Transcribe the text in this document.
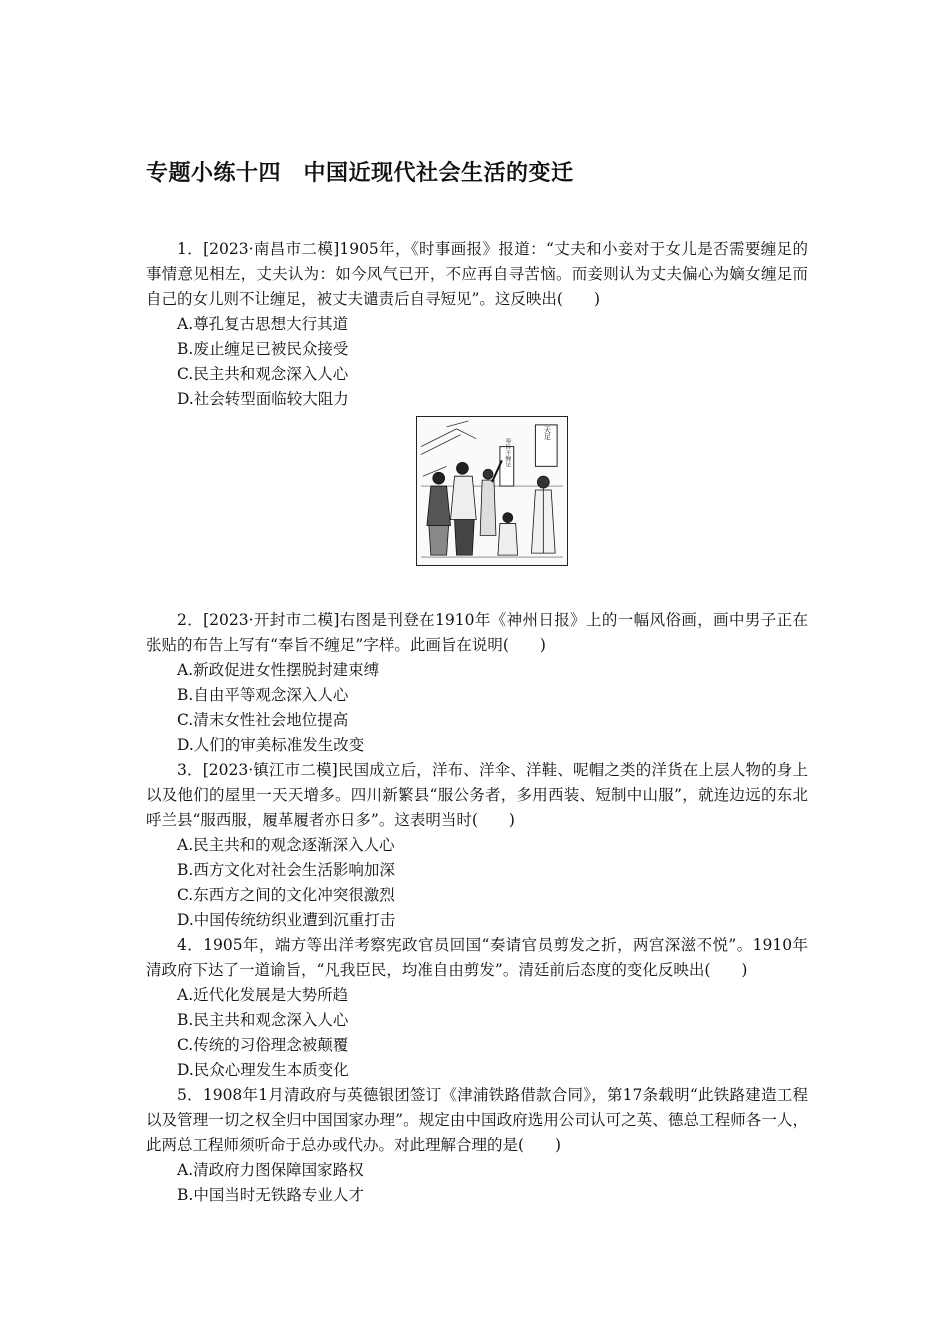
专题小练十四　中国近现代社会生活的变迁

1．[2023·南昌市二模]1905年，《时事画报》报道：“丈夫和小妾对于女儿是否需要缠足的事情意见相左，丈夫认为：如今风气已开，不应再自寻苦恼。而妾则认为丈夫偏心为嫡女缠足而自己的女儿则不让缠足，被丈夫谴责后自寻短见”。这反映出(　　)

A.尊孔复古思想大行其道

B.废止缠足已被民众接受

C.民主共和观念深入人心

D.社会转型面临较大阻力

奉旨不缠足
天足

2．[2023·开封市二模]右图是刊登在1910年《神州日报》上的一幅风俗画，画中男子正在张贴的布告上写有“奉旨不缠足”字样。此画旨在说明(　　)

A.新政促进女性摆脱封建束缚

B.自由平等观念深入人心

C.清末女性社会地位提高

D.人们的审美标准发生改变

3．[2023·镇江市二模]民国成立后，洋布、洋伞、洋鞋、呢帽之类的洋货在上层人物的身上以及他们的屋里一天天增多。四川新繁县“服公务者，多用西装、短制中山服”，就连边远的东北呼兰县“服西服，履革履者亦日多”。这表明当时(　　)

A.民主共和的观念逐渐深入人心

B.西方文化对社会生活影响加深

C.东西方之间的文化冲突很激烈

D.中国传统纺织业遭到沉重打击

4．1905年，端方等出洋考察宪政官员回国“奏请官员剪发之折，两宫深滋不悦”。1910年清政府下达了一道谕旨，“凡我臣民，均准自由剪发”。清廷前后态度的变化反映出(　　)

A.近代化发展是大势所趋

B.民主共和观念深入人心

C.传统的习俗理念被颠覆

D.民众心理发生本质变化

5．1908年1月清政府与英德银团签订《津浦铁路借款合同》，第17条载明“此铁路建造工程以及管理一切之权全归中国国家办理”。规定由中国政府选用公司认可之英、德总工程师各一人，此两总工程师须听命于总办或代办。对此理解合理的是(　　)

A.清政府力图保障国家路权

B.中国当时无铁路专业人才
